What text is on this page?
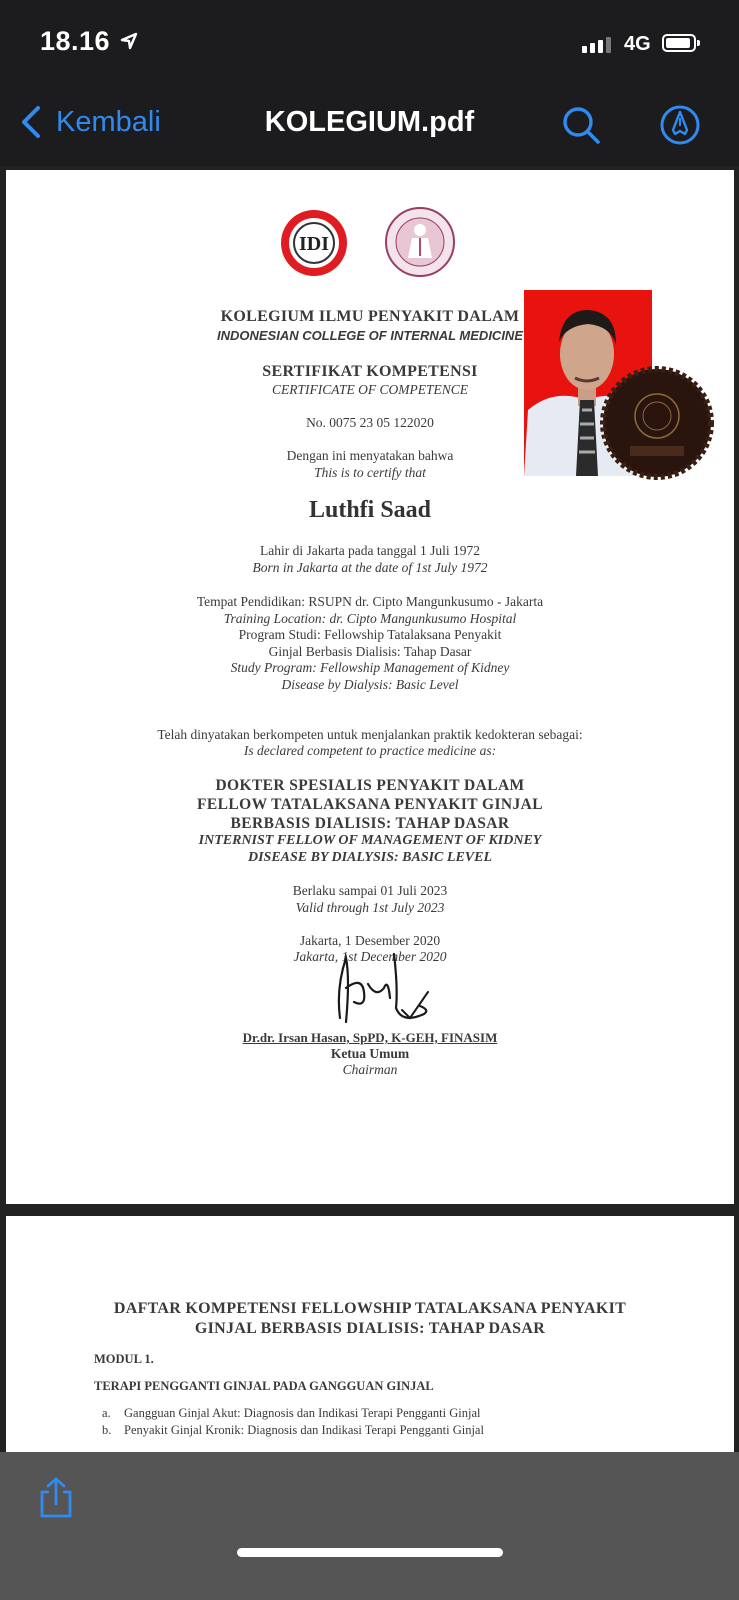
18.16	4G
Kembali	KOLEGIUM.pdf
IDI
KOLEGIUM ILMU PENYAKIT DALAM
INDONESIAN COLLEGE OF INTERNAL MEDICINE
SERTIFIKAT KOMPETENSI
CERTIFICATE OF COMPETENCE
No. 0075 23 05 122020
Dengan ini menyatakan bahwa
This is to certify that
Luthfi Saad
Lahir di Jakarta pada tanggal 1 Juli 1972
Born in Jakarta at the date of 1st July 1972
Tempat Pendidikan: RSUPN dr. Cipto Mangunkusumo - Jakarta
Training Location: dr. Cipto Mangunkusumo Hospital
Program Studi: Fellowship Tatalaksana Penyakit
Ginjal Berbasis Dialisis: Tahap Dasar
Study Program: Fellowship Management of Kidney
Disease by Dialysis: Basic Level
Telah dinyatakan berkompeten untuk menjalankan praktik kedokteran sebagai:
Is declared competent to practice medicine as:
DOKTER SPESIALIS PENYAKIT DALAM
FELLOW TATALAKSANA PENYAKIT GINJAL
BERBASIS DIALISIS: TAHAP DASAR
INTERNIST FELLOW OF MANAGEMENT OF KIDNEY
DISEASE BY DIALYSIS: BASIC LEVEL
Berlaku sampai 01 Juli 2023
Valid through 1st July 2023
Jakarta, 1 Desember 2020
Jakarta, 1st December 2020
Dr.dr. Irsan Hasan, SpPD, K-GEH, FINASIM
Ketua Umum
Chairman
DAFTAR KOMPETENSI FELLOWSHIP TATALAKSANA PENYAKIT
GINJAL BERBASIS DIALISIS: TAHAP DASAR
MODUL 1.
TERAPI PENGGANTI GINJAL PADA GANGGUAN GINJAL
a. Gangguan Ginjal Akut: Diagnosis dan Indikasi Terapi Pengganti Ginjal
b. Penyakit Ginjal Kronik: Diagnosis dan Indikasi Terapi Pengganti Ginjal
